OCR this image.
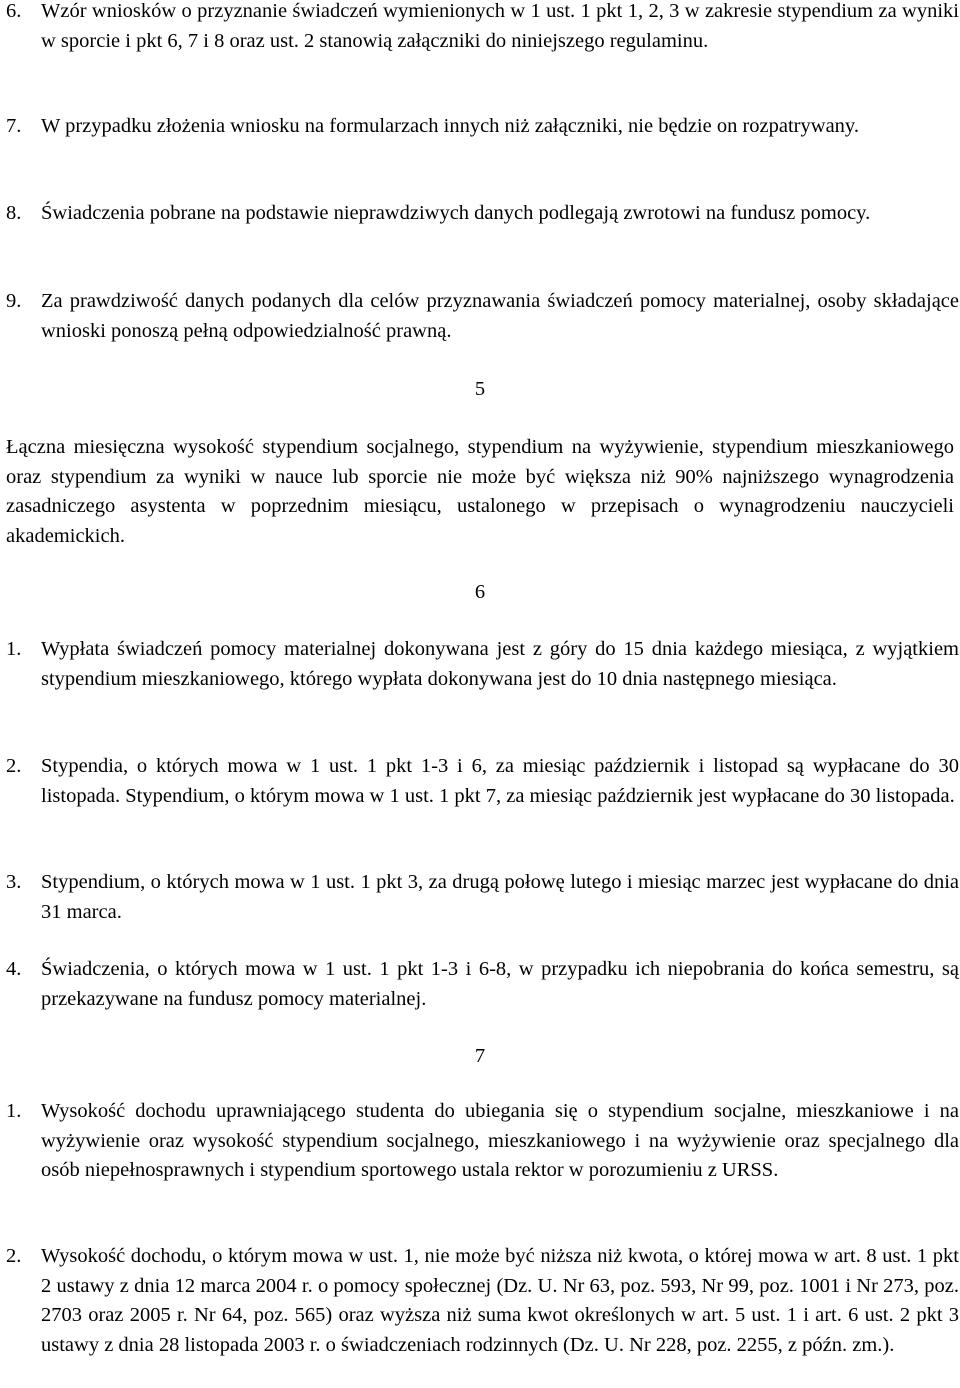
6. Wzór wniosków o przyznanie świadczeń wymienionych w 1 ust. 1 pkt 1, 2, 3 w zakresie stypendium za wyniki w sporcie i pkt 6, 7 i 8 oraz ust. 2 stanowią załączniki do niniejszego regulaminu.
7. W przypadku złożenia wniosku na formularzach innych niż załączniki, nie będzie on rozpatrywany.
8. Świadczenia pobrane na podstawie nieprawdziwych danych podlegają zwrotowi na fundusz pomocy.
9. Za prawdziwość danych podanych dla celów przyznawania świadczeń pomocy materialnej, osoby składające wnioski ponoszą pełną odpowiedzialność prawną.
5
Łączna miesięczna wysokość stypendium socjalnego, stypendium na wyżywienie, stypendium mieszkaniowego oraz stypendium za wyniki w nauce lub sporcie nie może być większa niż 90% najniższego wynagrodzenia zasadniczego asystenta w poprzednim miesiącu, ustalonego w przepisach o wynagrodzeniu nauczycieli akademickich.
6
1. Wypłata świadczeń pomocy materialnej dokonywana jest z góry do 15 dnia każdego miesiąca, z wyjątkiem stypendium mieszkaniowego, którego wypłata dokonywana jest do 10 dnia następnego miesiąca.
2. Stypendia, o których mowa w 1 ust. 1 pkt 1-3 i 6, za miesiąc październik i listopad są wypłacane do 30 listopada. Stypendium, o którym mowa w 1 ust. 1 pkt 7, za miesiąc październik jest wypłacane do 30 listopada.
3. Stypendium, o których mowa w 1 ust. 1 pkt 3, za drugą połowę lutego i miesiąc marzec jest wypłacane do dnia 31 marca.
4. Świadczenia, o których mowa w 1 ust. 1 pkt 1-3 i 6-8, w przypadku ich niepobrania do końca semestru, są przekazywane na fundusz pomocy materialnej.
7
1. Wysokość dochodu uprawniającego studenta do ubiegania się o stypendium socjalne, mieszkaniowe i na wyżywienie oraz wysokość stypendium socjalnego, mieszkaniowego i na wyżywienie oraz specjalnego dla osób niepełnosprawnych i stypendium sportowego ustala rektor w porozumieniu z URSS.
2. Wysokość dochodu, o którym mowa w ust. 1, nie może być niższa niż kwota, o której mowa w art. 8 ust. 1 pkt 2 ustawy z dnia 12 marca 2004 r. o pomocy społecznej (Dz. U. Nr 63, poz. 593, Nr 99, poz. 1001 i Nr 273, poz. 2703 oraz 2005 r. Nr 64, poz. 565) oraz wyższa niż suma kwot określonych w art. 5 ust. 1 i art. 6 ust. 2 pkt 3 ustawy z dnia 28 listopada 2003 r. o świadczeniach rodzinnych (Dz. U. Nr 228, poz. 2255, z późn. zm.).
